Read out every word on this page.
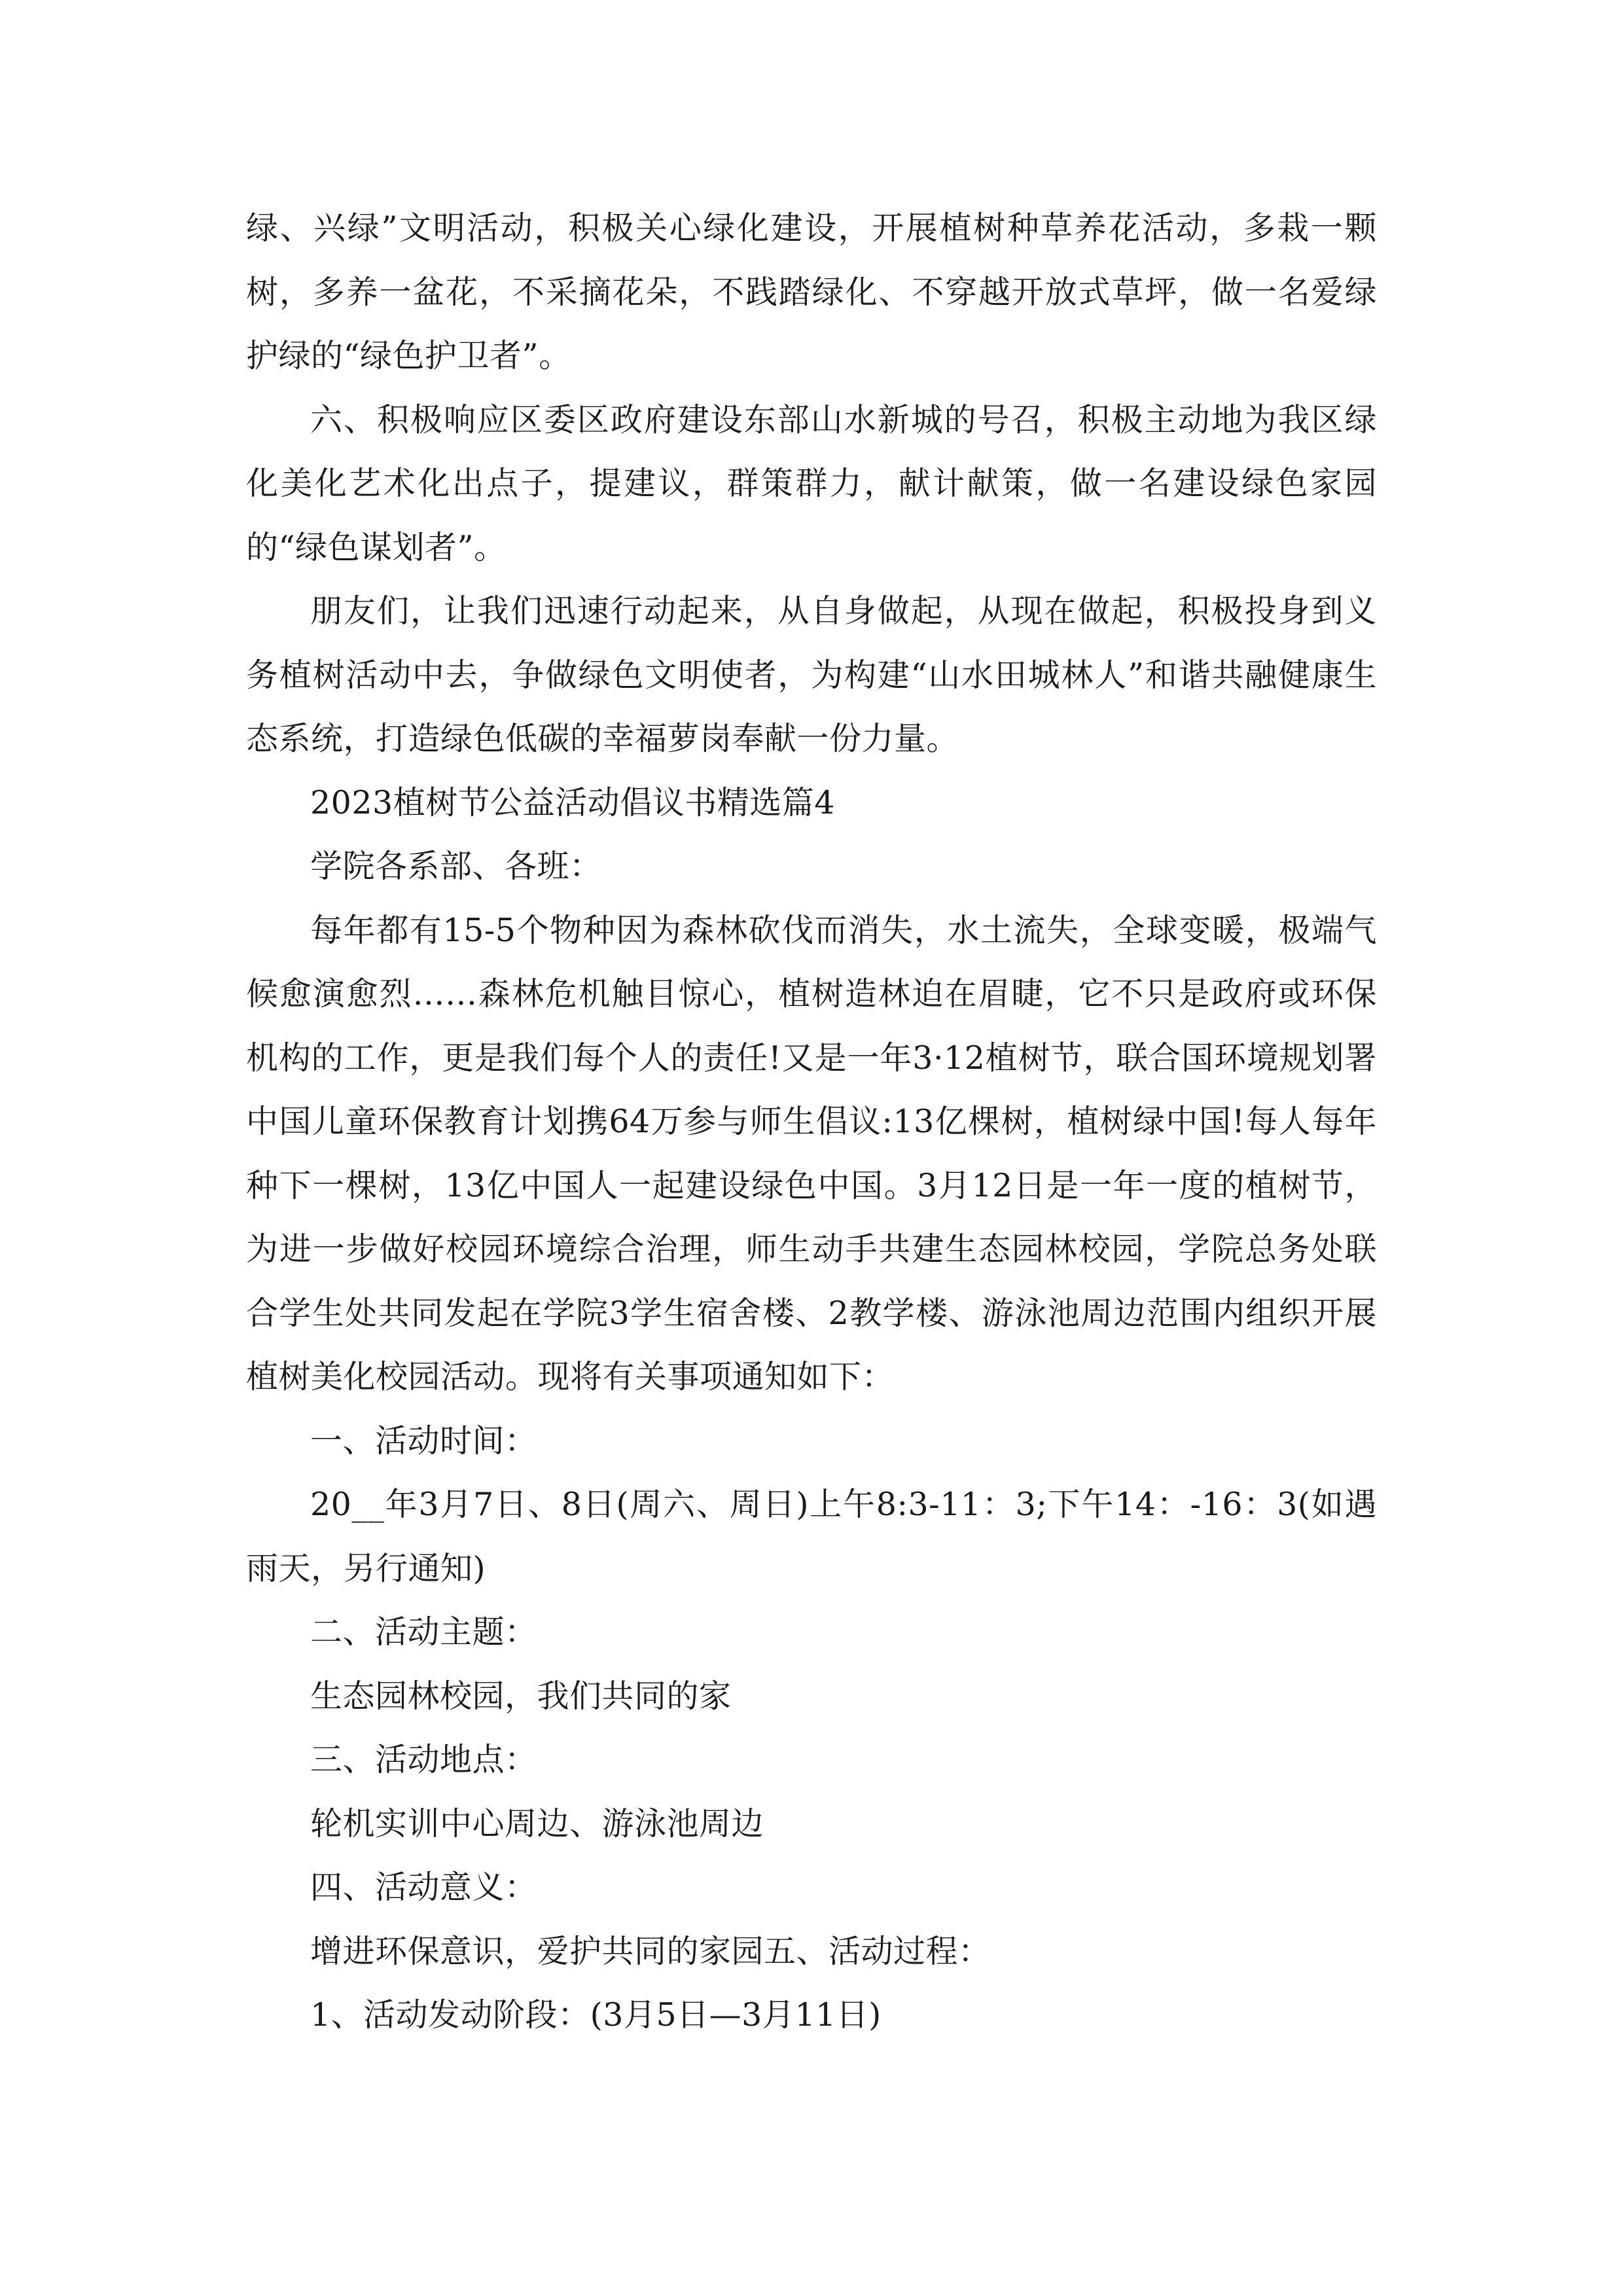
绿、兴绿”文明活动，积极关心绿化建设，开展植树种草养花活动，多栽一颗树，多养一盆花，不采摘花朵，不践踏绿化、不穿越开放式草坪，做一名爱绿护绿的“绿色护卫者”。

六、积极响应区委区政府建设东部山水新城的号召，积极主动地为我区绿化美化艺术化出点子，提建议，群策群力，献计献策，做一名建设绿色家园的“绿色谋划者”。

朋友们，让我们迅速行动起来，从自身做起，从现在做起，积极投身到义务植树活动中去，争做绿色文明使者，为构建“山水田城林人”和谐共融健康生态系统，打造绿色低碳的幸福萝岗奉献一份力量。

2023植树节公益活动倡议书精选篇4

学院各系部、各班：

每年都有15-5个物种因为森林砍伐而消失，水土流失，全球变暖，极端气候愈演愈烈……森林危机触目惊心，植树造林迫在眉睫，它不只是政府或环保机构的工作，更是我们每个人的责任!又是一年3·12植树节，联合国环境规划署中国儿童环保教育计划携64万参与师生倡议:13亿棵树，植树绿中国!每人每年种下一棵树，13亿中国人一起建设绿色中国。3月12日是一年一度的植树节，为进一步做好校园环境综合治理，师生动手共建生态园林校园，学院总务处联合学生处共同发起在学院3学生宿舍楼、2教学楼、游泳池周边范围内组织开展植树美化校园活动。现将有关事项通知如下：

一、活动时间：

20__年3月7日、8日(周六、周日)上午8:3-11：3;下午14：-16：3(如遇雨天，另行通知)

二、活动主题：

生态园林校园，我们共同的家

三、活动地点：

轮机实训中心周边、游泳池周边

四、活动意义：

增进环保意识，爱护共同的家园五、活动过程：

1、活动发动阶段：(3月5日—3月11日)
